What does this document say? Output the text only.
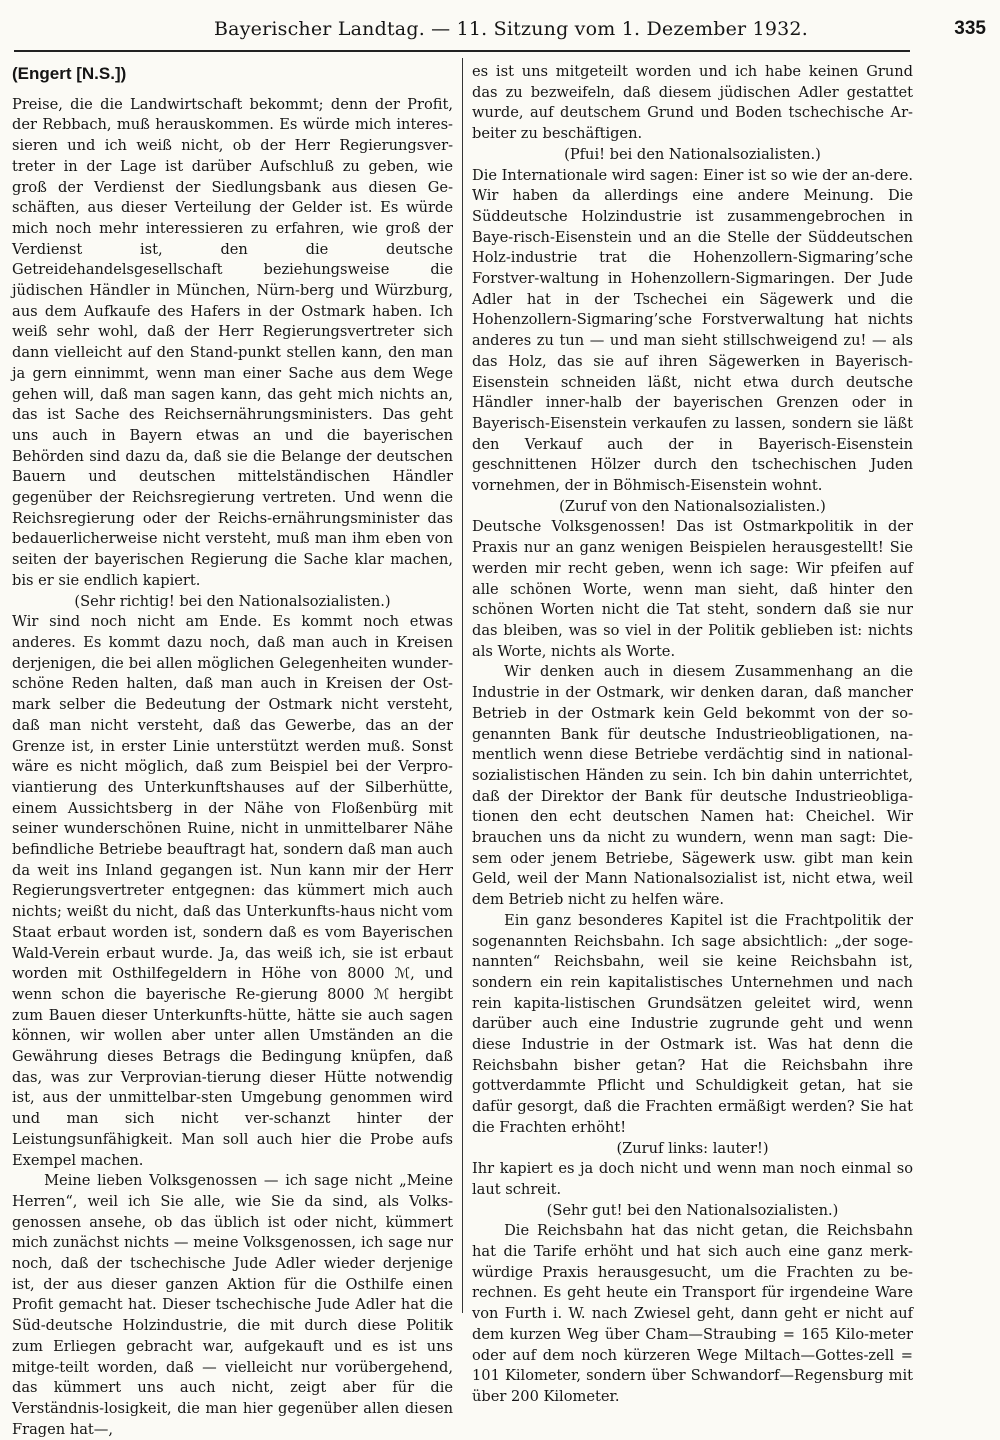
Bayerischer Landtag. — 11. Sitzung vom 1. Dezember 1932.	335
(Engert [N.S.])

Preise, die die Landwirtschaft bekommt; denn der Profit, der Rebbach, muß herauskommen. Es würde mich interes-sieren und ich weiß nicht, ob der Herr Regierungsver-treter in der Lage ist darüber Aufschluß zu geben, wie groß der Verdienst der Siedlungsbank aus diesen Ge-schäften, aus dieser Verteilung der Gelder ist. Es würde mich noch mehr interessieren zu erfahren, wie groß der Verdienst ist, den die deutsche Getreidehandelsgesellschaft beziehungsweise die jüdischen Händler in München, Nürn-berg und Würzburg, aus dem Aufkaufe des Hafers in der Ostmark haben. Ich weiß sehr wohl, daß der Herr Regierungsvertreter sich dann vielleicht auf den Stand-punkt stellen kann, den man ja gern einnimmt, wenn man einer Sache aus dem Wege gehen will, daß man sagen kann, das geht mich nichts an, das ist Sache des Reichsernährungsministers. Das geht uns auch in Bayern etwas an und die bayerischen Behörden sind dazu da, daß sie die Belange der deutschen Bauern und deutschen mittelständischen Händler gegenüber der Reichsregierung vertreten. Und wenn die Reichsregierung oder der Reichs-ernährungsminister das bedauerlicherweise nicht versteht, muß man ihm eben von seiten der bayerischen Regierung die Sache klar machen, bis er sie endlich kapiert.

(Sehr richtig! bei den Nationalsozialisten.)

Wir sind noch nicht am Ende. Es kommt noch etwas anderes. Es kommt dazu noch, daß man auch in Kreisen derjenigen, die bei allen möglichen Gelegenheiten wunder-schöne Reden halten, daß man auch in Kreisen der Ost-mark selber die Bedeutung der Ostmark nicht versteht, daß man nicht versteht, daß das Gewerbe, das an der Grenze ist, in erster Linie unterstützt werden muß. Sonst wäre es nicht möglich, daß zum Beispiel bei der Verpro-viantierung des Unterkunftshauses auf der Silberhütte, einem Aussichtsberg in der Nähe von Floßenbürg mit seiner wunderschönen Ruine, nicht in unmittelbarer Nähe befindliche Betriebe beauftragt hat, sondern daß man auch da weit ins Inland gegangen ist. Nun kann mir der Herr Regierungsvertreter entgegnen: das kümmert mich auch nichts; weißt du nicht, daß das Unterkunfts-haus nicht vom Staat erbaut worden ist, sondern daß es vom Bayerischen Wald-Verein erbaut wurde. Ja, das weiß ich, sie ist erbaut worden mit Osthilfegeldern in Höhe von 8000 ℳ, und wenn schon die bayerische Re-gierung 8000 ℳ hergibt zum Bauen dieser Unterkunfts-hütte, hätte sie auch sagen können, wir wollen aber unter allen Umständen an die Gewährung dieses Betrags die Bedingung knüpfen, daß das, was zur Verprovian-tierung dieser Hütte notwendig ist, aus der unmittelbar-sten Umgebung genommen wird und man sich nicht ver-schanzt hinter der Leistungsunfähigkeit. Man soll auch hier die Probe aufs Exempel machen.

Meine lieben Volksgenossen — ich sage nicht „Meine Herren“, weil ich Sie alle, wie Sie da sind, als Volks-genossen ansehe, ob das üblich ist oder nicht, kümmert mich zunächst nichts — meine Volksgenossen, ich sage nur noch, daß der tschechische Jude Adler wieder derjenige ist, der aus dieser ganzen Aktion für die Osthilfe einen Profit gemacht hat. Dieser tschechische Jude Adler hat die Süd-deutsche Holzindustrie, die mit durch diese Politik zum Erliegen gebracht war, aufgekauft und es ist uns mitge-teilt worden, daß — vielleicht nur vorübergehend, das kümmert uns auch nicht, zeigt aber für die Verständnis-losigkeit, die man hier gegenüber allen diesen Fragen hat—,

es ist uns mitgeteilt worden und ich habe keinen Grund das zu bezweifeln, daß diesem jüdischen Adler gestattet wurde, auf deutschem Grund und Boden tschechische Ar-beiter zu beschäftigen.

(Pfui! bei den Nationalsozialisten.)

Die Internationale wird sagen: Einer ist so wie der an-dere. Wir haben da allerdings eine andere Meinung. Die Süddeutsche Holzindustrie ist zusammengebrochen in Baye-risch-Eisenstein und an die Stelle der Süddeutschen Holz-industrie trat die Hohenzollern-Sigmaring’sche Forstver-waltung in Hohenzollern-Sigmaringen. Der Jude Adler hat in der Tschechei ein Sägewerk und die Hohenzollern-Sigmaring’sche Forstverwaltung hat nichts anderes zu tun — und man sieht stillschweigend zu! — als das Holz, das sie auf ihren Sägewerken in Bayerisch-Eisenstein schneiden läßt, nicht etwa durch deutsche Händler inner-halb der bayerischen Grenzen oder in Bayerisch-Eisenstein verkaufen zu lassen, sondern sie läßt den Verkauf auch der in Bayerisch-Eisenstein geschnittenen Hölzer durch den tschechischen Juden vornehmen, der in Böhmisch-Eisenstein wohnt.

(Zuruf von den Nationalsozialisten.)

Deutsche Volksgenossen! Das ist Ostmarkpolitik in der Praxis nur an ganz wenigen Beispielen herausgestellt! Sie werden mir recht geben, wenn ich sage: Wir pfeifen auf alle schönen Worte, wenn man sieht, daß hinter den schönen Worten nicht die Tat steht, sondern daß sie nur das bleiben, was so viel in der Politik geblieben ist: nichts als Worte, nichts als Worte.

Wir denken auch in diesem Zusammenhang an die Industrie in der Ostmark, wir denken daran, daß mancher Betrieb in der Ostmark kein Geld bekommt von der so-genannten Bank für deutsche Industrieobligationen, na-mentlich wenn diese Betriebe verdächtig sind in national-sozialistischen Händen zu sein. Ich bin dahin unterrichtet, daß der Direktor der Bank für deutsche Industrieobliga-tionen den echt deutschen Namen hat: Cheichel. Wir brauchen uns da nicht zu wundern, wenn man sagt: Die-sem oder jenem Betriebe, Sägewerk usw. gibt man kein Geld, weil der Mann Nationalsozialist ist, nicht etwa, weil dem Betrieb nicht zu helfen wäre.

Ein ganz besonderes Kapitel ist die Frachtpolitik der sogenannten Reichsbahn. Ich sage absichtlich: „der soge-nannten“ Reichsbahn, weil sie keine Reichsbahn ist, sondern ein rein kapitalistisches Unternehmen und nach rein kapita-listischen Grundsätzen geleitet wird, wenn darüber auch eine Industrie zugrunde geht und wenn diese Industrie in der Ostmark ist. Was hat denn die Reichsbahn bisher getan? Hat die Reichsbahn ihre gottverdammte Pflicht und Schuldigkeit getan, hat sie dafür gesorgt, daß die Frachten ermäßigt werden? Sie hat die Frachten erhöht!

(Zuruf links: lauter!)

Ihr kapiert es ja doch nicht und wenn man noch einmal so laut schreit.

(Sehr gut! bei den Nationalsozialisten.)

Die Reichsbahn hat das nicht getan, die Reichsbahn hat die Tarife erhöht und hat sich auch eine ganz merk-würdige Praxis herausgesucht, um die Frachten zu be-rechnen. Es geht heute ein Transport für irgendeine Ware von Furth i. W. nach Zwiesel geht, dann geht er nicht auf dem kurzen Weg über Cham—Straubing = 165 Kilo-meter oder auf dem noch kürzeren Wege Miltach—Gottes-zell = 101 Kilometer, sondern über Schwandorf—Regensburg mit über 200 Kilometer.
